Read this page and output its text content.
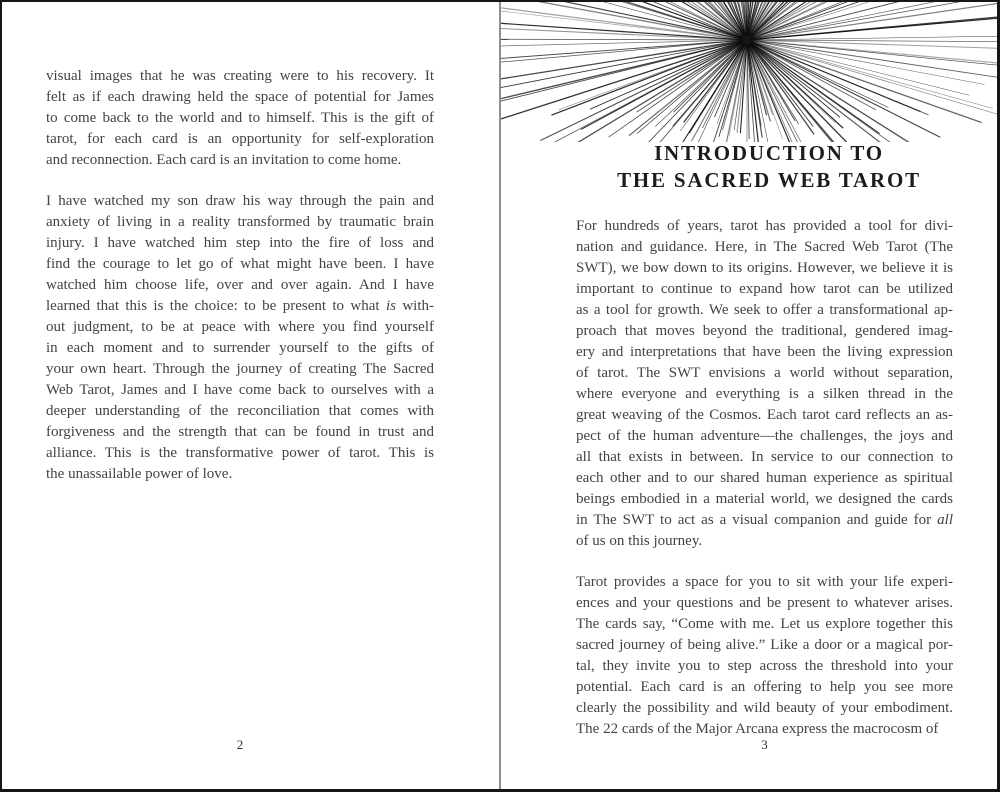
visual images that he was creating were to his recovery. It
felt as if each drawing held the space of potential for James
to come back to the world and to himself. This is the gift of
tarot, for each card is an opportunity for self-exploration
and reconnection. Each card is an invitation to come home.
I have watched my son draw his way through the pain and
anxiety of living in a reality transformed by traumatic brain
injury. I have watched him step into the fire of loss and
find the courage to let go of what might have been. I have
watched him choose life, over and over again. And I have
learned that this is the choice: to be present to what is with-
out judgment, to be at peace with where you find yourself
in each moment and to surrender yourself to the gifts of
your own heart. Through the journey of creating The Sacred
Web Tarot, James and I have come back to ourselves with a
deeper understanding of the reconciliation that comes with
forgiveness and the strength that can be found in trust and
alliance. This is the transformative power of tarot. This is
the unassailable power of love.
2
INTRODUCTION TO
THE SACRED WEB TAROT
For hundreds of years, tarot has provided a tool for divi-
nation and guidance. Here, in The Sacred Web Tarot (The
SWT), we bow down to its origins. However, we believe it is
important to continue to expand how tarot can be utilized
as a tool for growth. We seek to offer a transformational ap-
proach that moves beyond the traditional, gendered imag-
ery and interpretations that have been the living expression
of tarot. The SWT envisions a world without separation,
where everyone and everything is a silken thread in the
great weaving of the Cosmos. Each tarot card reflects an as-
pect of the human adventure—the challenges, the joys and
all that exists in between. In service to our connection to
each other and to our shared human experience as spiritual
beings embodied in a material world, we designed the cards
in The SWT to act as a visual companion and guide for all
of us on this journey.
Tarot provides a space for you to sit with your life experi-
ences and your questions and be present to whatever arises.
The cards say, “Come with me. Let us explore together this
sacred journey of being alive.” Like a door or a magical por-
tal, they invite you to step across the threshold into your
potential. Each card is an offering to help you see more
clearly the possibility and wild beauty of your embodiment.
The 22 cards of the Major Arcana express the macrocosm of
3
